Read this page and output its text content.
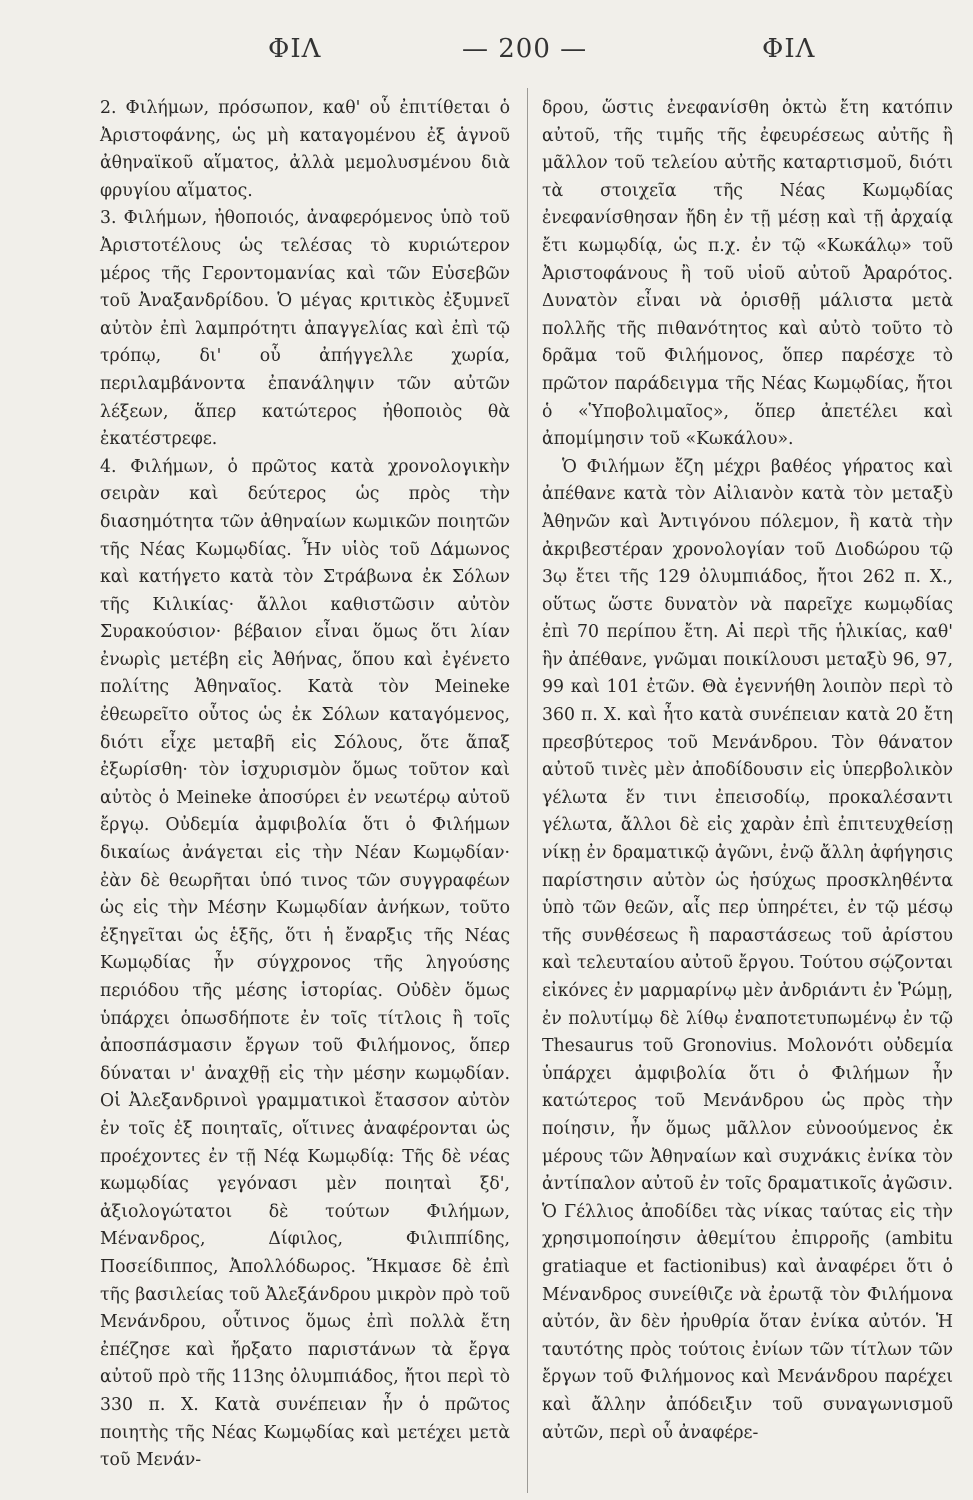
ΦΙΛ	— 200 —	ΦΙΛ

2. Φιλήμων, πρόσωπον, καθ' οὗ ἐπιτίθεται ὁ Ἀριστοφάνης, ὡς μὴ καταγομένου ἐξ ἁγνοῦ ἀθηναϊκοῦ αἵματος, ἀλλὰ μεμολυσμένου διὰ φρυγίου αἵματος.

3. Φιλήμων, ἠθοποιός, ἀναφερόμενος ὑπὸ τοῦ Ἀριστοτέλους ὡς τελέσας τὸ κυριώτερον μέρος τῆς Γεροντομανίας καὶ τῶν Εὐσεβῶν τοῦ Ἀναξανδρίδου. Ὁ μέγας κριτικὸς ἐξυμνεῖ αὐτὸν ἐπὶ λαμπρότητι ἀπαγγελίας καὶ ἐπὶ τῷ τρόπῳ, δι' οὗ ἀπήγγελλε χωρία, περιλαμβάνοντα ἐπανάληψιν τῶν αὐτῶν λέξεων, ἅπερ κατώτερος ἠθοποιὸς θὰ ἐκατέστρεφε.

4. Φιλήμων, ὁ πρῶτος κατὰ χρονολογικὴν σειρὰν καὶ δεύτερος ὡς πρὸς τὴν διασημότητα τῶν ἀθηναίων κωμικῶν ποιητῶν τῆς Νέας Κωμῳδίας. Ἦν υἱὸς τοῦ Δάμωνος καὶ κατήγετο κατὰ τὸν Στράβωνα ἐκ Σόλων τῆς Κιλικίας· ἄλλοι καθιστῶσιν αὐτὸν Συρακούσιον· βέβαιον εἶναι ὅμως ὅτι λίαν ἐνωρὶς μετέβη εἰς Ἀθήνας, ὅπου καὶ ἐγένετο πολίτης Ἀθηναῖος. Κατὰ τὸν Meineke ἐθεωρεῖτο οὗτος ὡς ἐκ Σόλων καταγόμενος, διότι εἶχε μεταβῆ εἰς Σόλους, ὅτε ἅπαξ ἐξωρίσθη· τὸν ἰσχυρισμὸν ὅμως τοῦτον καὶ αὐτὸς ὁ Meineke ἀποσύρει ἐν νεωτέρῳ αὐτοῦ ἔργῳ. Οὐδεμία ἀμφιβολία ὅτι ὁ Φιλήμων δικαίως ἀνάγεται εἰς τὴν Νέαν Κωμῳδίαν· ἐὰν δὲ θεωρῆται ὑπό τινος τῶν συγγραφέων ὡς εἰς τὴν Μέσην Κωμῳδίαν ἀνήκων, τοῦτο ἐξηγεῖται ὡς ἑξῆς, ὅτι ἡ ἔναρξις τῆς Νέας Κωμῳδίας ἦν σύγχρονος τῆς ληγούσης περιόδου τῆς μέσης ἱστορίας. Οὐδὲν ὅμως ὑπάρχει ὁπωσδήποτε ἐν τοῖς τίτλοις ἢ τοῖς ἀποσπάσμασιν ἔργων τοῦ Φιλήμονος, ὅπερ δύναται ν' ἀναχθῇ εἰς τὴν μέσην κωμῳδίαν. Οἱ Ἀλεξανδρινοὶ γραμματικοὶ ἔτασσον αὐτὸν ἐν τοῖς ἐξ ποιηταῖς, οἵτινες ἀναφέρονται ὡς προέχοντες ἐν τῇ Νέᾳ Κωμῳδίᾳ: Τῆς δὲ νέας κωμῳδίας γεγόνασι μὲν ποιηταὶ ξδ', ἀξιολογώτατοι δὲ τούτων Φιλήμων, Μένανδρος, Δίφιλος, Φιλιππίδης, Ποσείδιππος, Ἀπολλόδωρος. Ἤκμασε δὲ ἐπὶ τῆς βασιλείας τοῦ Ἀλεξάνδρου μικρὸν πρὸ τοῦ Μενάνδρου, οὗτινος ὅμως ἐπὶ πολλὰ ἔτη ἐπέζησε καὶ ἤρξατο παριστάνων τὰ ἔργα αὐτοῦ πρὸ τῆς 113ης ὀλυμπιάδος, ἤτοι περὶ τὸ 330 π. Χ. Κατὰ συνέπειαν ἦν ὁ πρῶτος ποιητὴς τῆς Νέας Κωμῳδίας καὶ μετέχει μετὰ τοῦ Μενάν-

δρου, ὥστις ἐνεφανίσθη ὀκτὼ ἔτη κατόπιν αὐτοῦ, τῆς τιμῆς τῆς ἐφευρέσεως αὐτῆς ἢ μᾶλλον τοῦ τελείου αὐτῆς καταρτισμοῦ, διότι τὰ στοιχεῖα τῆς Νέας Κωμῳδίας ἐνεφανίσθησαν ἤδη ἐν τῇ μέσῃ καὶ τῇ ἀρχαίᾳ ἔτι κωμῳδίᾳ, ὡς π.χ. ἐν τῷ «Κωκάλῳ» τοῦ Ἀριστοφάνους ἢ τοῦ υἱοῦ αὐτοῦ Ἀραρότος. Δυνατὸν εἶναι νὰ ὁρισθῇ μάλιστα μετὰ πολλῆς τῆς πιθανότητος καὶ αὐτὸ τοῦτο τὸ δρᾶμα τοῦ Φιλήμονος, ὅπερ παρέσχε τὸ πρῶτον παράδειγμα τῆς Νέας Κωμῳδίας, ἤτοι ὁ «Ὑποβολιμαῖος», ὅπερ ἀπετέλει καὶ ἀπομίμησιν τοῦ «Κωκάλου».

Ὁ Φιλήμων ἔζη μέχρι βαθέος γήρατος καὶ ἀπέθανε κατὰ τὸν Αἰλιανὸν κατὰ τὸν μεταξὺ Ἀθηνῶν καὶ Ἀντιγόνου πόλεμον, ἢ κατὰ τὴν ἀκριβεστέραν χρονολογίαν τοῦ Διοδώρου τῷ 3ῳ ἔτει τῆς 129 ὀλυμπιάδος, ἤτοι 262 π. Χ., οὕτως ὥστε δυνατὸν νὰ παρεῖχε κωμῳδίας ἐπὶ 70 περίπου ἔτη. Αἱ περὶ τῆς ἡλικίας, καθ' ἣν ἀπέθανε, γνῶμαι ποικίλουσι μεταξὺ 96, 97, 99 καὶ 101 ἐτῶν. Θὰ ἐγεννήθη λοιπὸν περὶ τὸ 360 π. Χ. καὶ ἦτο κατὰ συνέπειαν κατὰ 20 ἔτη πρεσβύτερος τοῦ Μενάνδρου. Τὸν θάνατον αὐτοῦ τινὲς μὲν ἀποδίδουσιν εἰς ὑπερβολικὸν γέλωτα ἔν τινι ἐπεισοδίῳ, προκαλέσαντι γέλωτα, ἄλλοι δὲ εἰς χαρὰν ἐπὶ ἐπιτευχθείσῃ νίκῃ ἐν δραματικῷ ἀγῶνι, ἐνῷ ἄλλη ἀφήγησις παρίστησιν αὐτὸν ὡς ἡσύχως προσκληθέντα ὑπὸ τῶν θεῶν, αἷς περ ὑπηρέτει, ἐν τῷ μέσῳ τῆς συνθέσεως ἢ παραστάσεως τοῦ ἀρίστου καὶ τελευταίου αὐτοῦ ἔργου. Τούτου σῴζονται εἰκόνες ἐν μαρμαρίνῳ μὲν ἀνδριάντι ἐν Ῥώμῃ, ἐν πολυτίμῳ δὲ λίθῳ ἐναποτετυπωμένῳ ἐν τῷ Thesaurus τοῦ Gronovius. Μολονότι οὐδεμία ὑπάρχει ἀμφιβολία ὅτι ὁ Φιλήμων ἦν κατώτερος τοῦ Μενάνδρου ὡς πρὸς τὴν ποίησιν, ἦν ὅμως μᾶλλον εὐνοούμενος ἐκ μέρους τῶν Ἀθηναίων καὶ συχνάκις ἐνίκα τὸν ἀντίπαλον αὐτοῦ ἐν τοῖς δραματικοῖς ἀγῶσιν. Ὁ Γέλλιος ἀποδίδει τὰς νίκας ταύτας εἰς τὴν χρησιμοποίησιν ἀθεμίτου ἐπιρροῆς (ambitu gratiaque et factionibus) καὶ ἀναφέρει ὅτι ὁ Μένανδρος συνείθιζε νὰ ἐρωτᾷ τὸν Φιλήμονα αὐτόν, ἂν δὲν ἠρυθρία ὅταν ἐνίκα αὐτόν. Ἡ ταυτότης πρὸς τούτοις ἐνίων τῶν τίτλων τῶν ἔργων τοῦ Φιλήμονος καὶ Μενάνδρου παρέχει καὶ ἄλλην ἀπόδειξιν τοῦ συναγωνισμοῦ αὐτῶν, περὶ οὗ ἀναφέρε-
